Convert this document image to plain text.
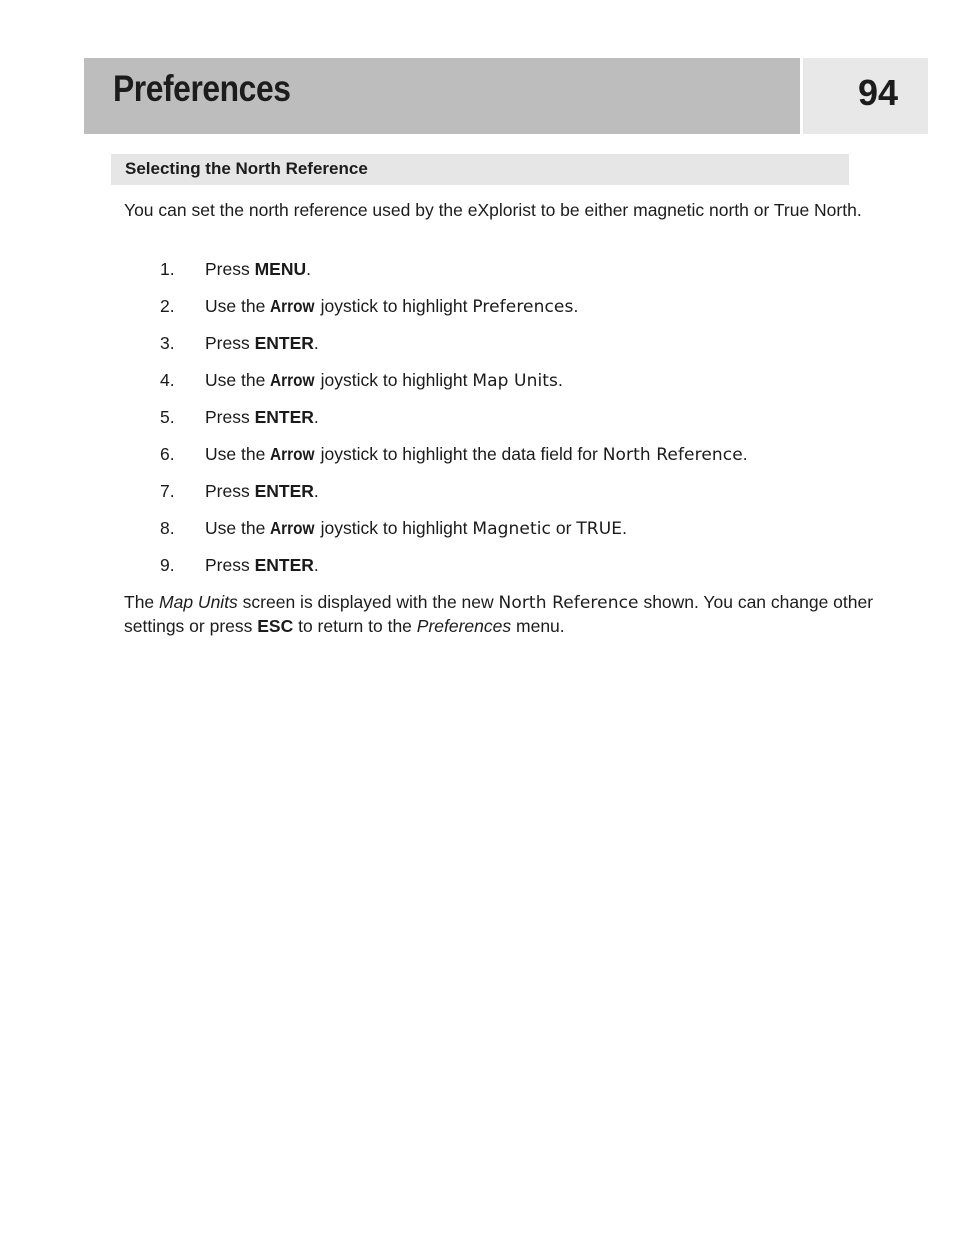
Preferences	94
Selecting the North Reference
You can set the north reference used by the eXplorist to be either magnetic north or True North.
1. Press MENU.
2. Use the Arrow joystick to highlight Preferences.
3. Press ENTER.
4. Use the Arrow joystick to highlight Map Units.
5. Press ENTER.
6. Use the Arrow joystick to highlight the data field for North Reference.
7. Press ENTER.
8. Use the Arrow joystick to highlight Magnetic or TRUE.
9. Press ENTER.
The Map Units screen is displayed with the new North Reference shown. You can change other settings or press ESC to return to the Preferences menu.
